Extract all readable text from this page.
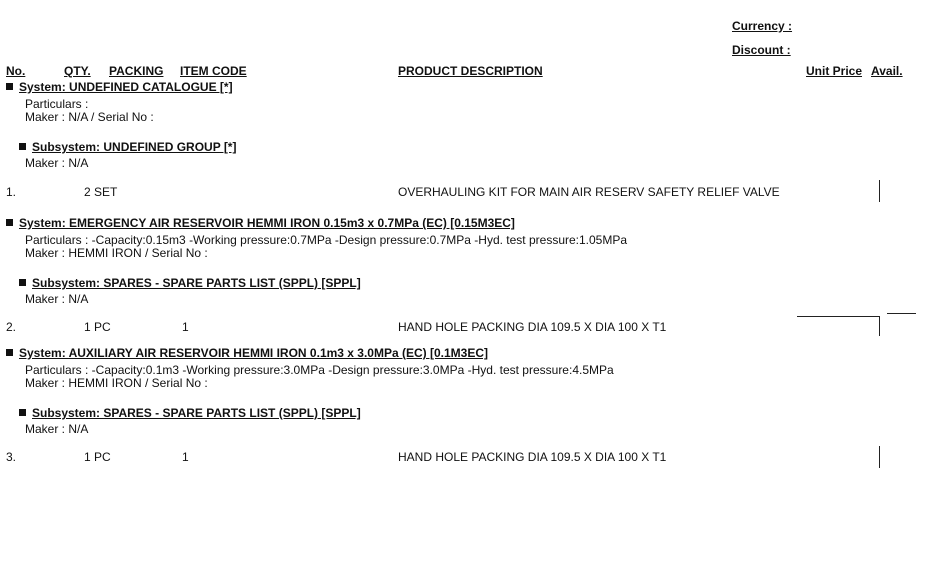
Currency :
Discount :
No.	QTY. PACKING ITEM CODE	PRODUCT DESCRIPTION	Unit Price Avail.
System: UNDEFINED CATALOGUE [*]
Particulars :
Maker : N/A / Serial No :
Subsystem: UNDEFINED GROUP [*]
Maker : N/A
1.	2 SET	OVERHAULING KIT FOR MAIN AIR RESERV SAFETY RELIEF VALVE
System: EMERGENCY AIR RESERVOIR HEMMI IRON 0.15m3 x 0.7MPa (EC) [0.15M3EC]
Particulars : -Capacity:0.15m3 -Working pressure:0.7MPa -Design pressure:0.7MPa -Hyd. test pressure:1.05MPa
Maker : HEMMI IRON / Serial No :
Subsystem: SPARES - SPARE PARTS LIST (SPPL) [SPPL]
Maker : N/A
2.	1 PC	1	HAND HOLE PACKING DIA 109.5 X DIA 100 X T1
System: AUXILIARY AIR RESERVOIR HEMMI IRON 0.1m3 x 3.0MPa (EC) [0.1M3EC]
Particulars : -Capacity:0.1m3 -Working pressure:3.0MPa -Design pressure:3.0MPa -Hyd. test pressure:4.5MPa
Maker : HEMMI IRON / Serial No :
Subsystem: SPARES - SPARE PARTS LIST (SPPL) [SPPL]
Maker : N/A
3.	1 PC	1	HAND HOLE PACKING DIA 109.5 X DIA 100 X T1
